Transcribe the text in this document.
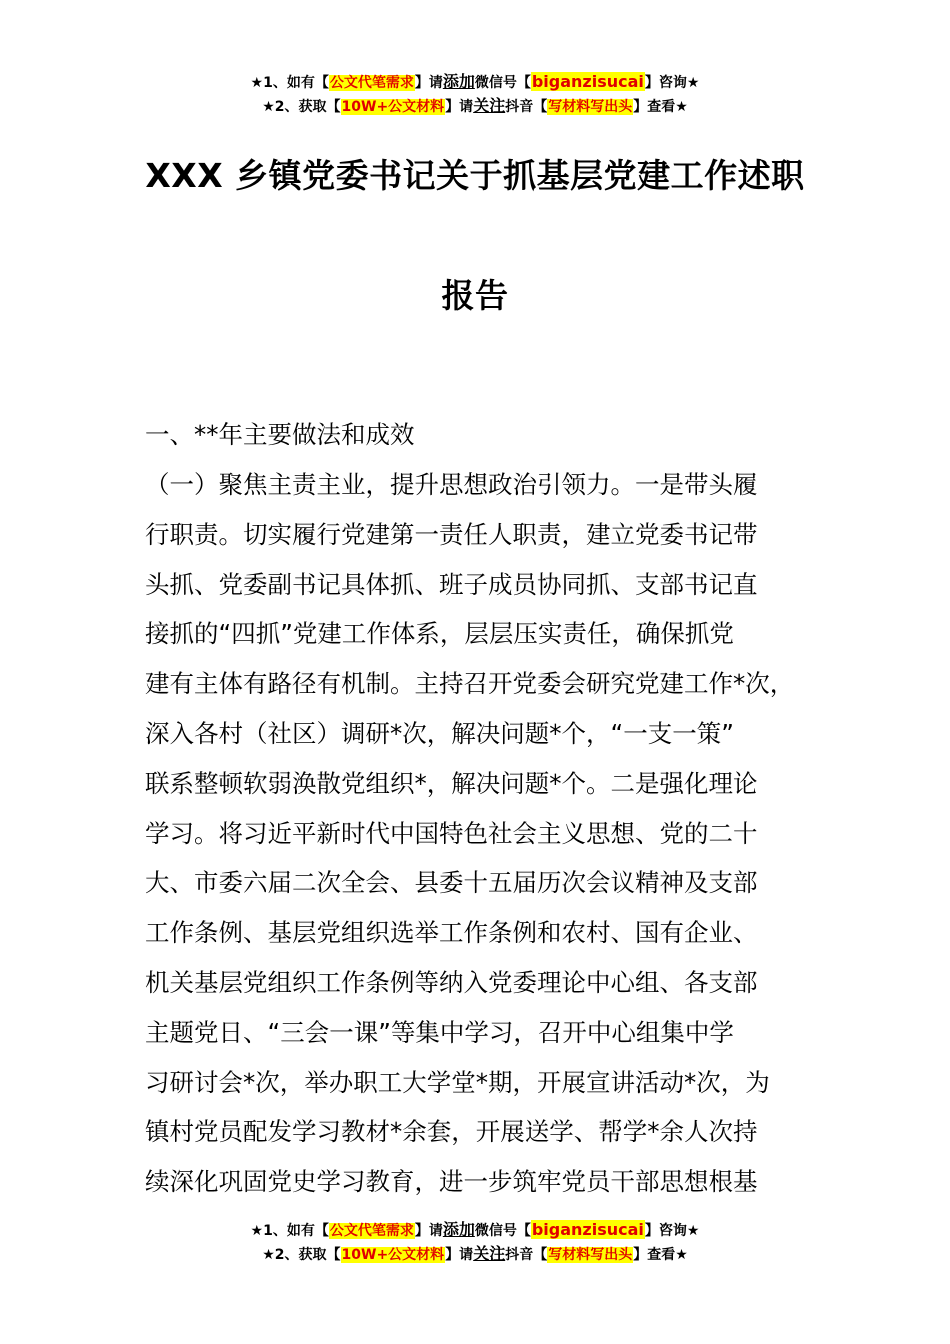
★1、如有【公文代笔需求】请添加微信号【biganzisucai】咨询★
★2、获取【10W+公文材料】请关注抖音【写材料写出头】查看★
XXX 乡镇党委书记关于抓基层党建工作述职
报告
一、**年主要做法和成效
（一）聚焦主责主业，提升思想政治引领力。一是带头履
行职责。切实履行党建第一责任人职责，建立党委书记带
头抓、党委副书记具体抓、班子成员协同抓、支部书记直
接抓的“四抓”党建工作体系，层层压实责任，确保抓党
建有主体有路径有机制。主持召开党委会研究党建工作*次，
深入各村（社区）调研*次，解决问题*个，“一支一策”
联系整顿软弱涣散党组织*，解决问题*个。二是强化理论
学习。将习近平新时代中国特色社会主义思想、党的二十
大、市委六届二次全会、县委十五届历次会议精神及支部
工作条例、基层党组织选举工作条例和农村、国有企业、
机关基层党组织工作条例等纳入党委理论中心组、各支部
主题党日、“三会一课”等集中学习，召开中心组集中学
习研讨会*次，举办职工大学堂*期，开展宣讲活动*次，为
镇村党员配发学习教材*余套，开展送学、帮学*余人次持
续深化巩固党史学习教育，进一步筑牢党员干部思想根基
★1、如有【公文代笔需求】请添加微信号【biganzisucai】咨询★
★2、获取【10W+公文材料】请关注抖音【写材料写出头】查看★
